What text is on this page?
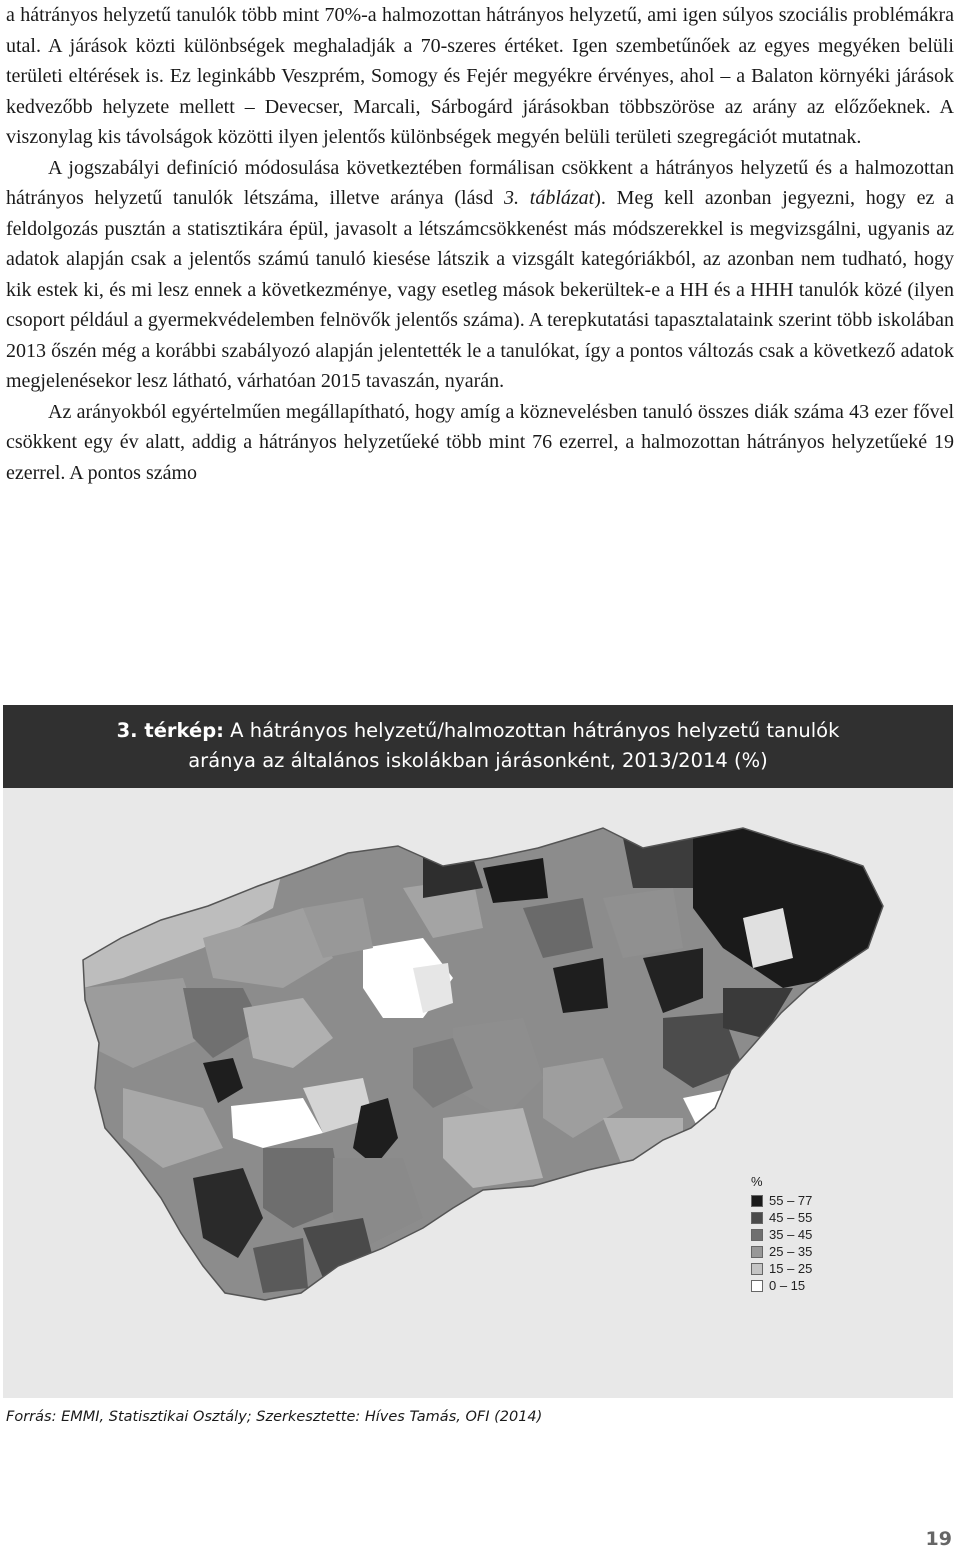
a hátrányos helyzetű tanulók több mint 70%-a halmozottan hátrányos helyzetű, ami igen súlyos szociális problémákra utal. A járások közti különbségek meghaladják a 70-szeres értéket. Igen szembetűnőek az egyes megyéken belüli területi eltérések is. Ez leginkább Veszprém, Somogy és Fejér megyékre érvényes, ahol – a Balaton környéki járások kedvezőbb helyzete mellett – Devecser, Marcali, Sárbogárd járásokban többszöröse az arány az előzőeknek. A viszonylag kis távolságok közötti ilyen jelentős különbségek megyén belüli területi szegregációt mutatnak.

A jogszabályi definíció módosulása következtében formálisan csökkent a hátrányos helyzetű és a halmozottan hátrányos helyzetű tanulók létszáma, illetve aránya (lásd 3. táblázat). Meg kell azonban jegyezni, hogy ez a feldolgozás pusztán a statisztikára épül, javasolt a létszámcsökkenést más módszerekkel is megvizsgálni, ugyanis az adatok alapján csak a jelentős számú tanuló kiesése látszik a vizsgált kategóriákból, az azonban nem tudható, hogy kik estek ki, és mi lesz ennek a következménye, vagy esetleg mások bekerültek-e a HH és a HHH tanulók közé (ilyen csoport például a gyermekvédelemben felnövők jelentős száma). A terepkutatási tapasztalataink szerint több iskolában 2013 őszén még a korábbi szabályozó alapján jelentették le a tanulókat, így a pontos változás csak a következő adatok megjelenésekor lesz látható, várhatóan 2015 tavaszán, nyarán.

Az arányokból egyértelműen megállapítható, hogy amíg a köznevelésben tanuló összes diák száma 43 ezer fővel csökkent egy év alatt, addig a hátrányos helyzetűeké több mint 76 ezerrel, a halmozottan hátrányos helyzetűeké 19 ezerrel. A pontos számo

3. térkép: A hátrányos helyzetű/halmozottan hátrányos helyzetű tanulók
aránya az általános iskolákban járásonként, 2013/2014 (%)
%
55 – 77
45 – 55
35 – 45
25 – 35
15 – 25
0 – 15
Forrás: EMMI, Statisztikai Osztály; Szerkesztette: Híves Tamás, OFI (2014)
19
